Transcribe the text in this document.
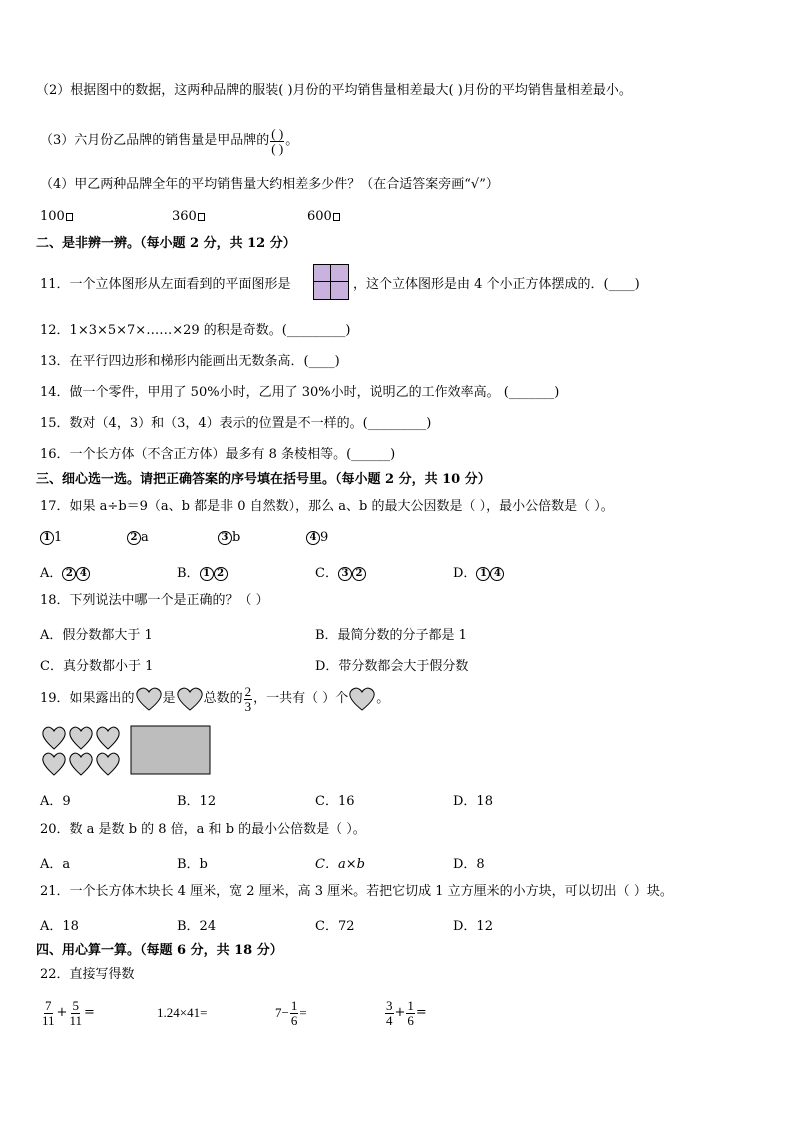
（2）根据图中的数据，这两种品牌的服装( )月份的平均销售量相差最大( )月份的平均销售量相差最小。
（3）六月份乙品牌的销售量是甲品牌的 $\frac{( )}{( )}$ 。
（4）甲乙两种品牌全年的平均销售量大约相差多少件？（在合适答案旁画“√”）
100	360	600
二、是非辨一辨。（每小题 2 分，共 12 分）
11．一个立体图形从左面看到的平面图形是	，这个立体图形是由 4 个小正方体摆成的．(____)
12．1×3×5×7×……×29 的积是奇数。(_________)
13．在平行四边形和梯形内能画出无数条高．(____)
14．做一个零件，甲用了 50%小时，乙用了 30%小时，说明乙的工作效率高。 (_______)
15．数对（4，3）和（3，4）表示的位置是不一样的。(_________)
16．一个长方体（不含正方体）最多有 8 条棱相等。(______)
三、细心选一选。请把正确答案的序号填在括号里。（每小题 2 分，共 10 分）
17．如果 a÷b＝9（a、b 都是非 0 自然数），那么 a、b 的最大公因数是（ ），最小公倍数是（ ）。
1 1	2 a	3 b	4 9
A． 2 4	B． 1 2	C． 3 2	D． 1 4
18．下列说法中哪一个是正确的？（ ）
A．假分数都大于 1	B．最简分数的分子都是 1
C．真分数都小于 1	D．带分数都会大于假分数
19．如果露出的 是 总数的 $\frac{2}{3}$ ，一共有（ ）个 。
A．9	B．12	C．16	D．18
20．数 a 是数 b 的 8 倍，a 和 b 的最小公倍数是（ ）。
A．a	B．b	C．a×b	D．8
21．一个长方体木块长 4 厘米，宽 2 厘米，高 3 厘米。若把它切成 1 立方厘米的小方块，可以切出（ ）块。
A．18	B．24	C．72	D．12
四、用心算一算。（每题 6 分，共 18 分）
22．直接写得数
$\frac{7}{11} + \frac{5}{11}$ =	1.24×41=	$7 - \frac{1}{6}$ =	$\frac{3}{4} + \frac{1}{6}$ =
